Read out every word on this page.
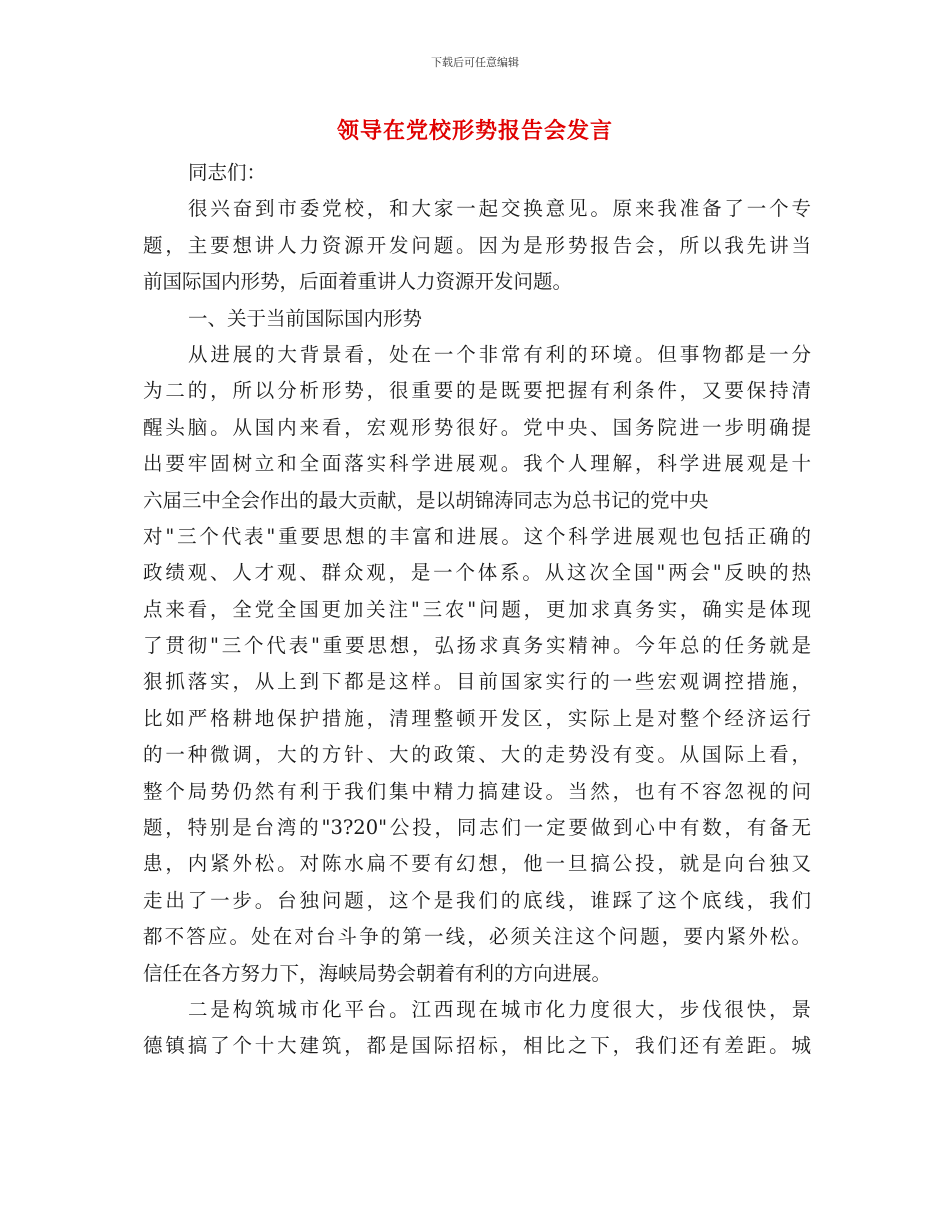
下载后可任意编辑
领导在党校形势报告会发言
同志们：
很兴奋到市委党校，和大家一起交换意见。原来我准备了一个专
题，主要想讲人力资源开发问题。因为是形势报告会，所以我先讲当
前国际国内形势，后面着重讲人力资源开发问题。
一、关于当前国际国内形势
从进展的大背景看，处在一个非常有利的环境。但事物都是一分
为二的，所以分析形势，很重要的是既要把握有利条件，又要保持清
醒头脑。从国内来看，宏观形势很好。党中央、国务院进一步明确提
出要牢固树立和全面落实科学进展观。我个人理解，科学进展观是十
六届三中全会作出的最大贡献，是以胡锦涛同志为总书记的党中央
对"三个代表"重要思想的丰富和进展。这个科学进展观也包括正确的
政绩观、人才观、群众观，是一个体系。从这次全国"两会"反映的热
点来看，全党全国更加关注"三农"问题，更加求真务实，确实是体现
了贯彻"三个代表"重要思想，弘扬求真务实精神。今年总的任务就是
狠抓落实，从上到下都是这样。目前国家实行的一些宏观调控措施，
比如严格耕地保护措施，清理整顿开发区，实际上是对整个经济运行
的一种微调，大的方针、大的政策、大的走势没有变。从国际上看，
整个局势仍然有利于我们集中精力搞建设。当然，也有不容忽视的问
题，特别是台湾的"3?20"公投，同志们一定要做到心中有数，有备无
患，内紧外松。对陈水扁不要有幻想，他一旦搞公投，就是向台独又
走出了一步。台独问题，这个是我们的底线，谁踩了这个底线，我们
都不答应。处在对台斗争的第一线，必须关注这个问题，要内紧外松。
信任在各方努力下，海峡局势会朝着有利的方向进展。
二是构筑城市化平台。江西现在城市化力度很大，步伐很快，景
德镇搞了个十大建筑，都是国际招标，相比之下，我们还有差距。城
